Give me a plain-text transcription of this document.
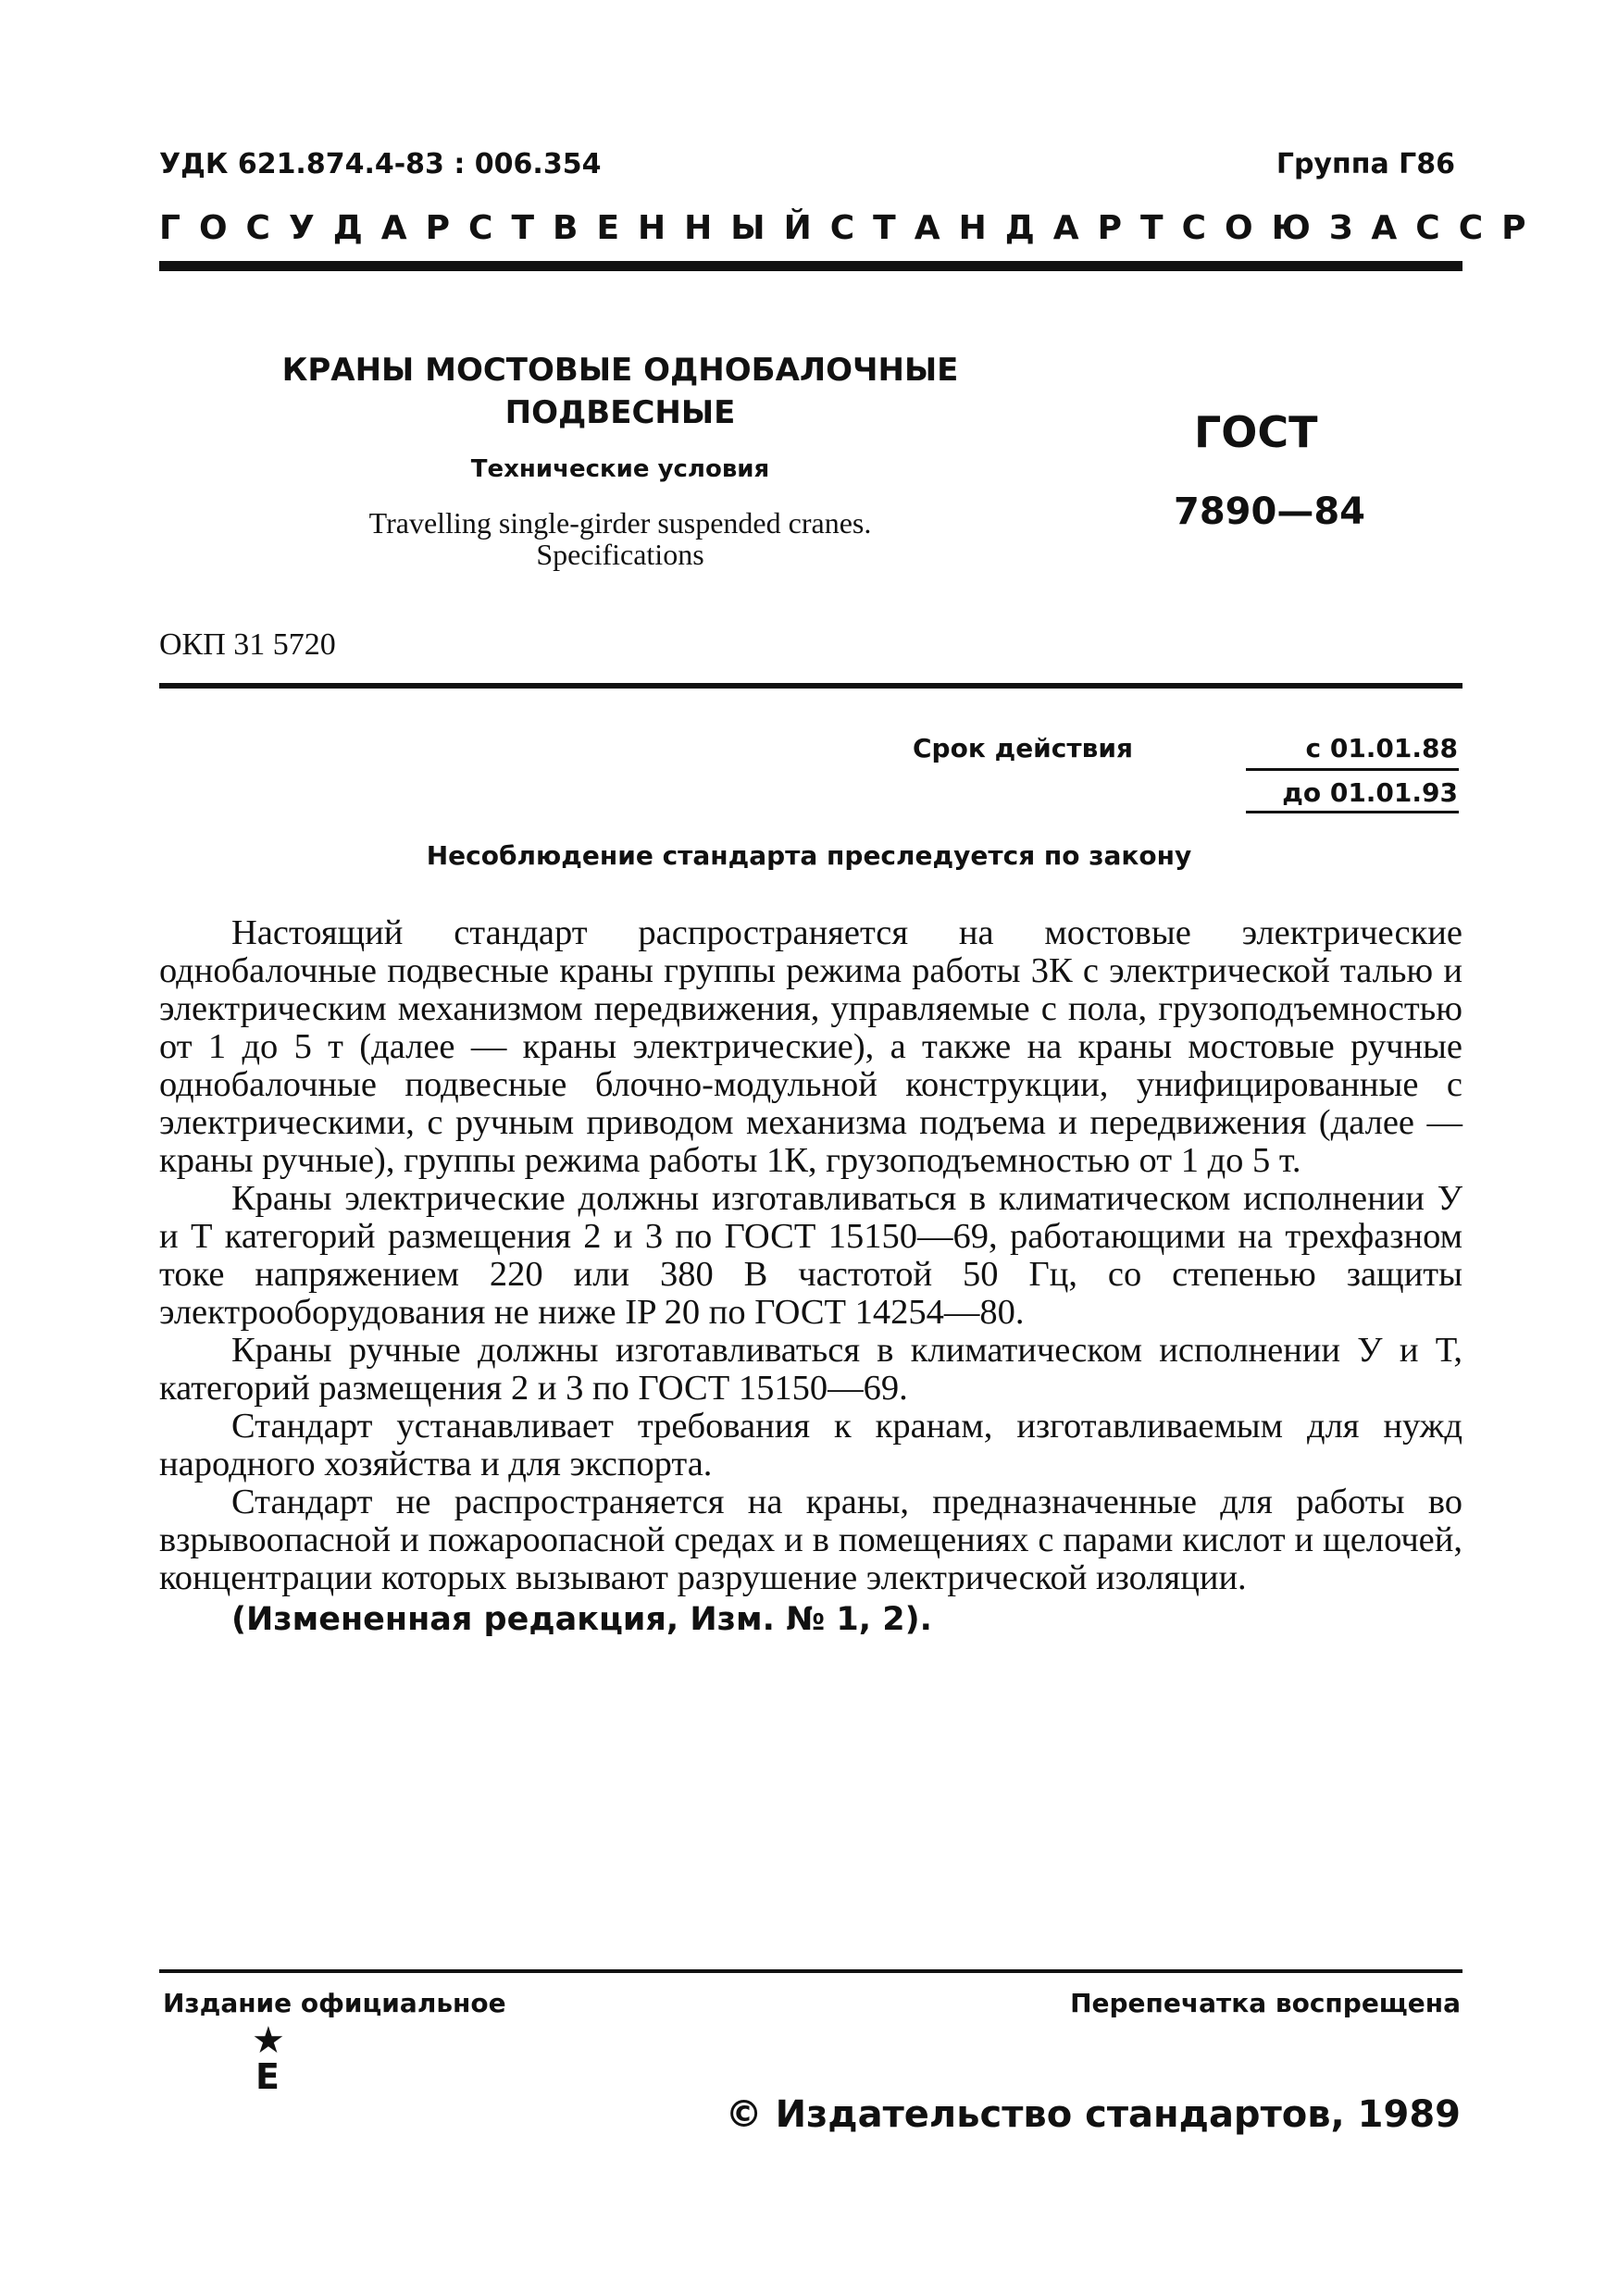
УДК 621.874.4-83 : 006.354	Группа Г86
ГОСУДАРСТВЕННЫЙ СТАНДАРТ СОЮЗА ССР

КРАНЫ МОСТОВЫЕ ОДНОБАЛОЧНЫЕ

ПОДВЕСНЫЕ

Технические условия

Travelling single-girder suspended cranes.
Specifications

ГОСТ
7890—84
ОКП 31 5720
Срок действия	с 01.01.88
до 01.01.93
Несоблюдение стандарта преследуется по закону

Настоящий стандарт распространяется на мостовые электрические однобалочные подвесные краны группы режима работы 3К с электрической талью и электрическим механизмом передвижения, управляемые с пола, грузоподъемностью от 1 до 5 т (далее — краны электрические), а также на краны мостовые ручные однобалочные подвесные блочно-модульной конструкции, унифицированные с электрическими, с ручным приводом механизма подъема и передвижения (далее — краны ручные), группы режима работы 1К, грузоподъемностью от 1 до 5 т.

Краны электрические должны изготавливаться в климатическом исполнении У и Т категорий размещения 2 и 3 по ГОСТ 15150—69, работающими на трехфазном токе напряжением 220 или 380 В частотой 50 Гц, со степенью защиты электрооборудования не ниже IP 20 по ГОСТ 14254—80.

Краны ручные должны изготавливаться в климатическом исполнении У и Т, категорий размещения 2 и 3 по ГОСТ 15150—69.

Стандарт устанавливает требования к кранам, изготавливаемым для нужд народного хозяйства и для экспорта.

Стандарт не распространяется на краны, предназначенные для работы во взрывоопасной и пожароопасной средах и в помещениях с парами кислот и щелочей, концентрации которых вызывают разрушение электрической изоляции.

(Измененная редакция, Изм. № 1, 2).

Издание официальное	Перепечатка воспрещена
★
Е
© Издательство стандартов, 1989
